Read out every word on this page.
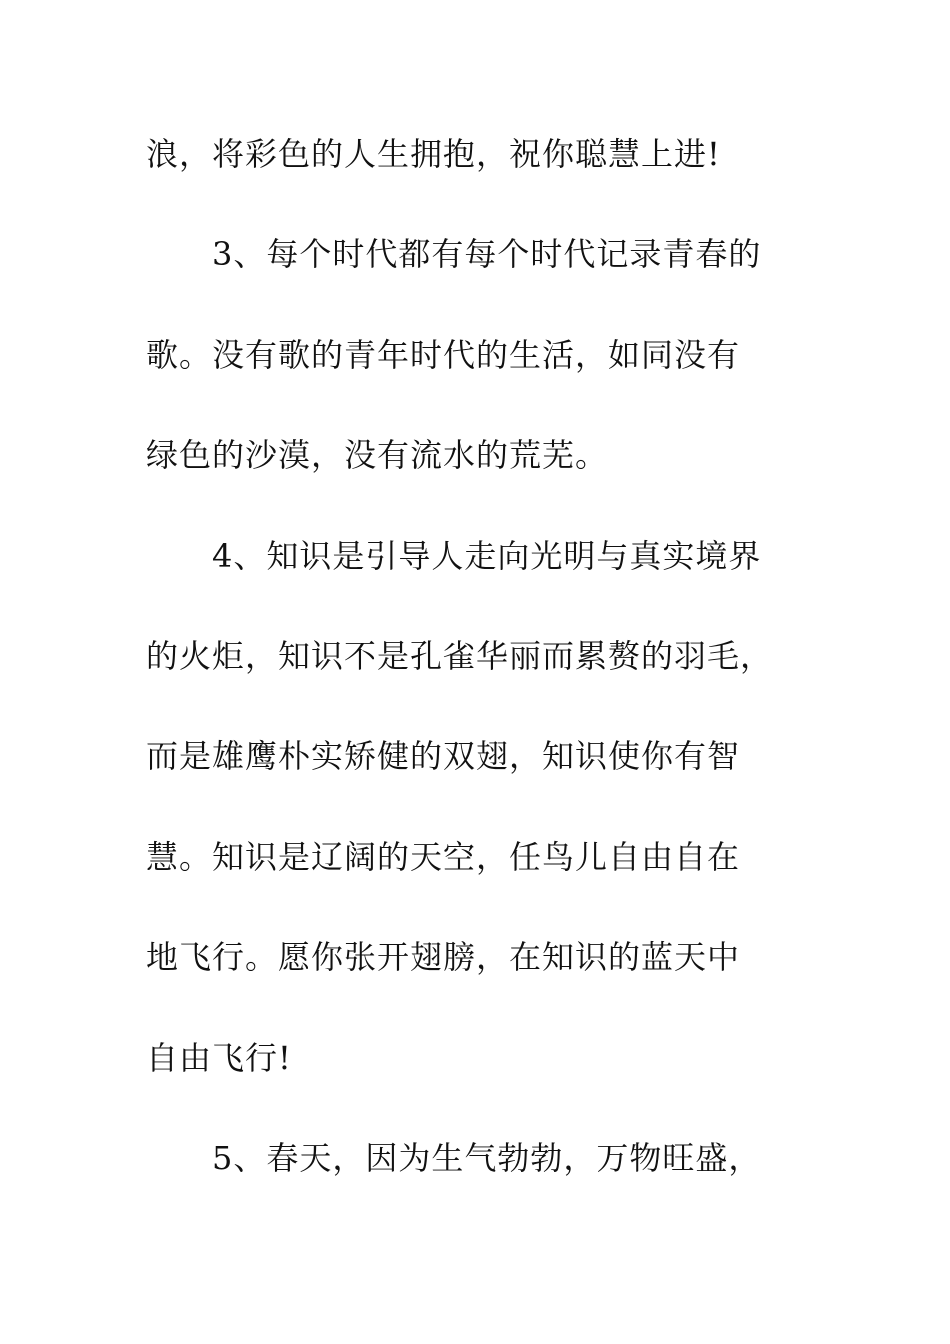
浪，将彩色的人生拥抱，祝你聪慧上进!
　　3、每个时代都有每个时代记录青春的
歌。没有歌的青年时代的生活，如同没有
绿色的沙漠，没有流水的荒芜。
　　4、知识是引导人走向光明与真实境界
的火炬，知识不是孔雀华丽而累赘的羽毛，
而是雄鹰朴实矫健的双翅，知识使你有智
慧。知识是辽阔的天空，任鸟儿自由自在
地飞行。愿你张开翅膀，在知识的蓝天中
自由飞行!
　　5、春天，因为生气勃勃，万物旺盛，
